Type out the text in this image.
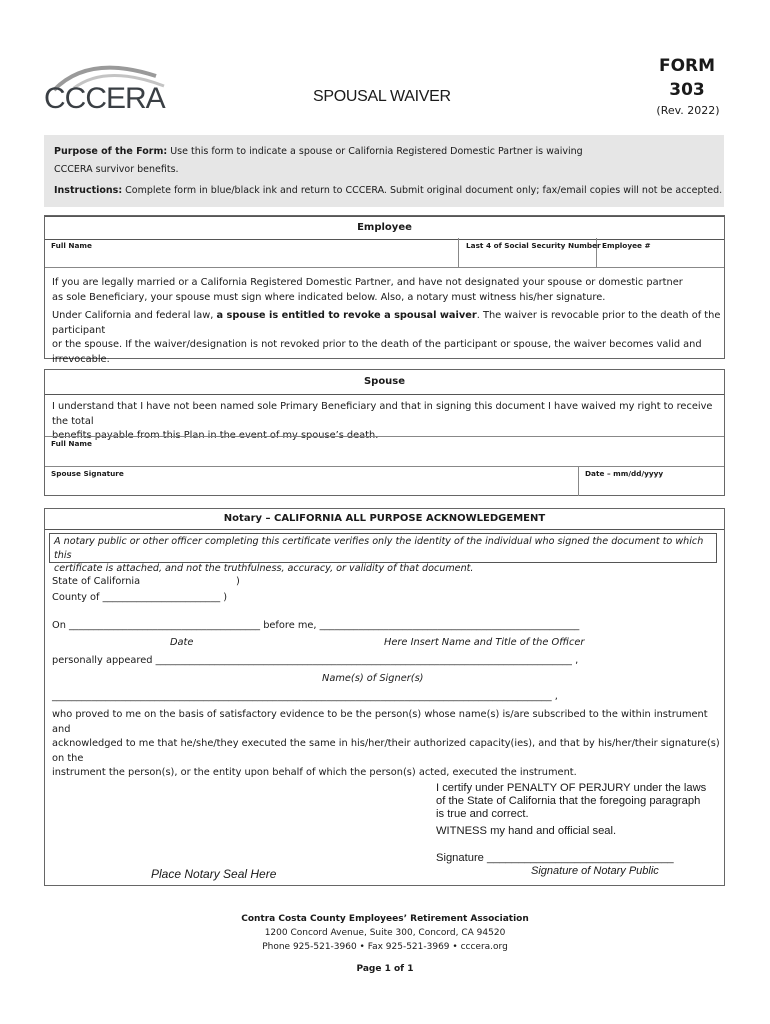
CCCERA	SPOUSAL WAIVER
FORM
303
(Rev. 2022)
Purpose of the Form: Use this form to indicate a spouse or California Registered Domestic Partner is waiving
CCCERA survivor benefits.
Instructions: Complete form in blue/black ink and return to CCCERA. Submit original document only; fax/email copies will not be accepted.
Employee
Full Name	Last 4 of Social Security Number Employee #
If you are legally married or a California Registered Domestic Partner, and have not designated your spouse or domestic partner
as sole Beneficiary, your spouse must sign where indicated below. Also, a notary must witness his/her signature.
Under California and federal law, a spouse is entitled to revoke a spousal waiver. The waiver is revocable prior to the death of the participant
or the spouse. If the waiver/designation is not revoked prior to the death of the participant or spouse, the waiver becomes valid and irrevocable.
Spouse
I understand that I have not been named sole Primary Beneficiary and that in signing this document I have waived my right to receive the total
benefits payable from this Plan in the event of my spouse’s death.
Full Name
Spouse Signature	Date – mm/dd/yyyy
Notary – CALIFORNIA ALL PURPOSE ACKNOWLEDGEMENT
A notary public or other officer completing this certificate verifies only the identity of the individual who signed the document to which this
certificate is attached, and not the truthfulness, accuracy, or validity of that document.
State of California	)
County of ________________________ )
On _______________________________________ before me, _____________________________________________________
Date	Here Insert Name and Title of the Officer
personally appeared _____________________________________________________________________________________ ,
Name(s) of Signer(s)
______________________________________________________________________________________________________ ,
who proved to me on the basis of satisfactory evidence to be the person(s) whose name(s) is/are subscribed to the within instrument and
acknowledged to me that he/she/they executed the same in his/her/their authorized capacity(ies), and that by his/her/their signature(s) on the
instrument the person(s), or the entity upon behalf of which the person(s) acted, executed the instrument.
I certify under PENALTY OF PERJURY under the laws
of the State of California that the foregoing paragraph
is true and correct.
WITNESS my hand and official seal.
Signature ______________________________
Signature of Notary Public
Place Notary Seal Here
Contra Costa County Employees’ Retirement Association
1200 Concord Avenue, Suite 300, Concord, CA 94520
Phone 925-521-3960 • Fax 925-521-3969 • cccera.org
Page 1 of 1
